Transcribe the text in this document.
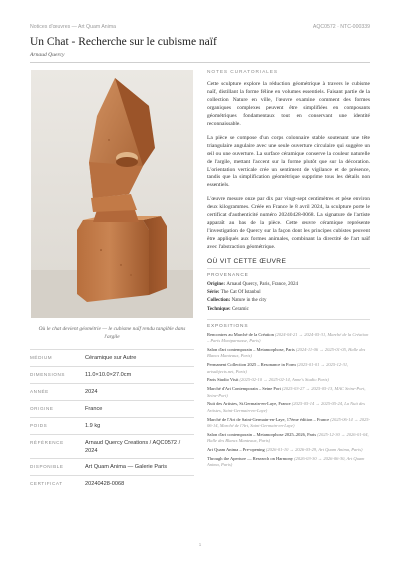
Notices d'œuvres — Art Quam Anima	AQC0572 · NTC-000339
Un Chat - Recherche sur le cubisme naïf
Arnaud Quercy
Où le chat devient géométrie — le cubisme naïf rendu tangible dans l'argile
MÉDIUM	Céramique sur Autre
DIMENSIONS	11.0×10.0×27.0cm
ANNÉE	2024
ORIGINE	France
POIDS	1.9 kg
RÉFÉRENCE	Arnaud Quercy Creations / AQC0572 / 2024
DISPONIBLE	Art Quam Anima — Galerie Paris
CERTIFICAT	20240428-0068
NOTES CURATORIALES

Cette sculpture explore la réduction géométrique à travers le cubisme naïf, distillant la forme féline en volumes essentiels. Faisant partie de la collection Nature en ville, l'œuvre examine comment des formes organiques complexes peuvent être simplifiées en composants géométriques fondamentaux tout en conservant une identité reconnaissable.

La pièce se compose d'un corps colonnaire stable soutenant une tête triangulaire angulaire avec une seule ouverture circulaire qui suggère un œil ou une ouverture. La surface céramique conserve la couleur naturelle de l'argile, mettant l'accent sur la forme plutôt que sur la décoration. L'orientation verticale crée un sentiment de vigilance et de présence, tandis que la simplification géométrique supprime tous les détails non essentiels.

L'œuvre mesure onze par dix par vingt-sept centimètres et pèse environ deux kilogrammes. Créée en France le 8 avril 2024, la sculpture porte le certificat d'authenticité numéro 20240428-0068. La signature de l'artiste apparaît au bas de la pièce. Cette œuvre céramique représente l'investigation de Quercy sur la façon dont les principes cubistes peuvent être appliqués aux formes animales, combinant la directité de l'art naïf avec l'abstraction géométrique.

OÙ VIT CETTE ŒUVRE
PROVENANCE
Origine: Arnaud Quercy, Paris, France, 2024
Série: The Cat Of Istanbul
Collection: Nature in the city
Technique: Ceramic
EXPOSITIONS
Rencontres au Marché de la Création (2024-04-21 → 2024-05-31, Marché de la Création – Paris Montparnasse, Paris)
Salon d'art contemporain – Metamorphose, Paris (2024-11-06 → 2025-01-05, Halle des Blancs Manteaux, Paris)
Permanent Collection 2025 – Resonance in Form (2025-01-01 → 2025-12-31, artsubjects.net, Paris)
Paris Studio Visit (2025-02-10 → 2025-02-14, Anne's Studio Paris)
Marché d'Art Contemporain – Seine Port (2025-03-27 → 2025-05-13, MAC Seine-Port, Seine-Port)
Nuit des Artistes, St.Germain-en-Laye, France (2025-05-14 → 2025-05-24, La Nuit des Artistes, Saint-Germain-en-Laye)
Marché de l'Art de Saint-Germain-en-Laye, 17ème édition – France (2025-06-14 → 2025-06-14, Marché de l'Art, Saint-Germain-en-Laye)
Salon d'art contemporain – Metamorphose 2025–2026, Paris (2025-12-30 → 2026-01-04, Halle des Blancs Manteaux, Paris)
Art Quam Anima – Pre-opening (2026-01-10 → 2026-03-29, Art Quam Anima, Paris)
Through the Aperture — Research on Harmony (2026-03-30 → 2026-06-30, Art Quam Anima, Paris)
1
